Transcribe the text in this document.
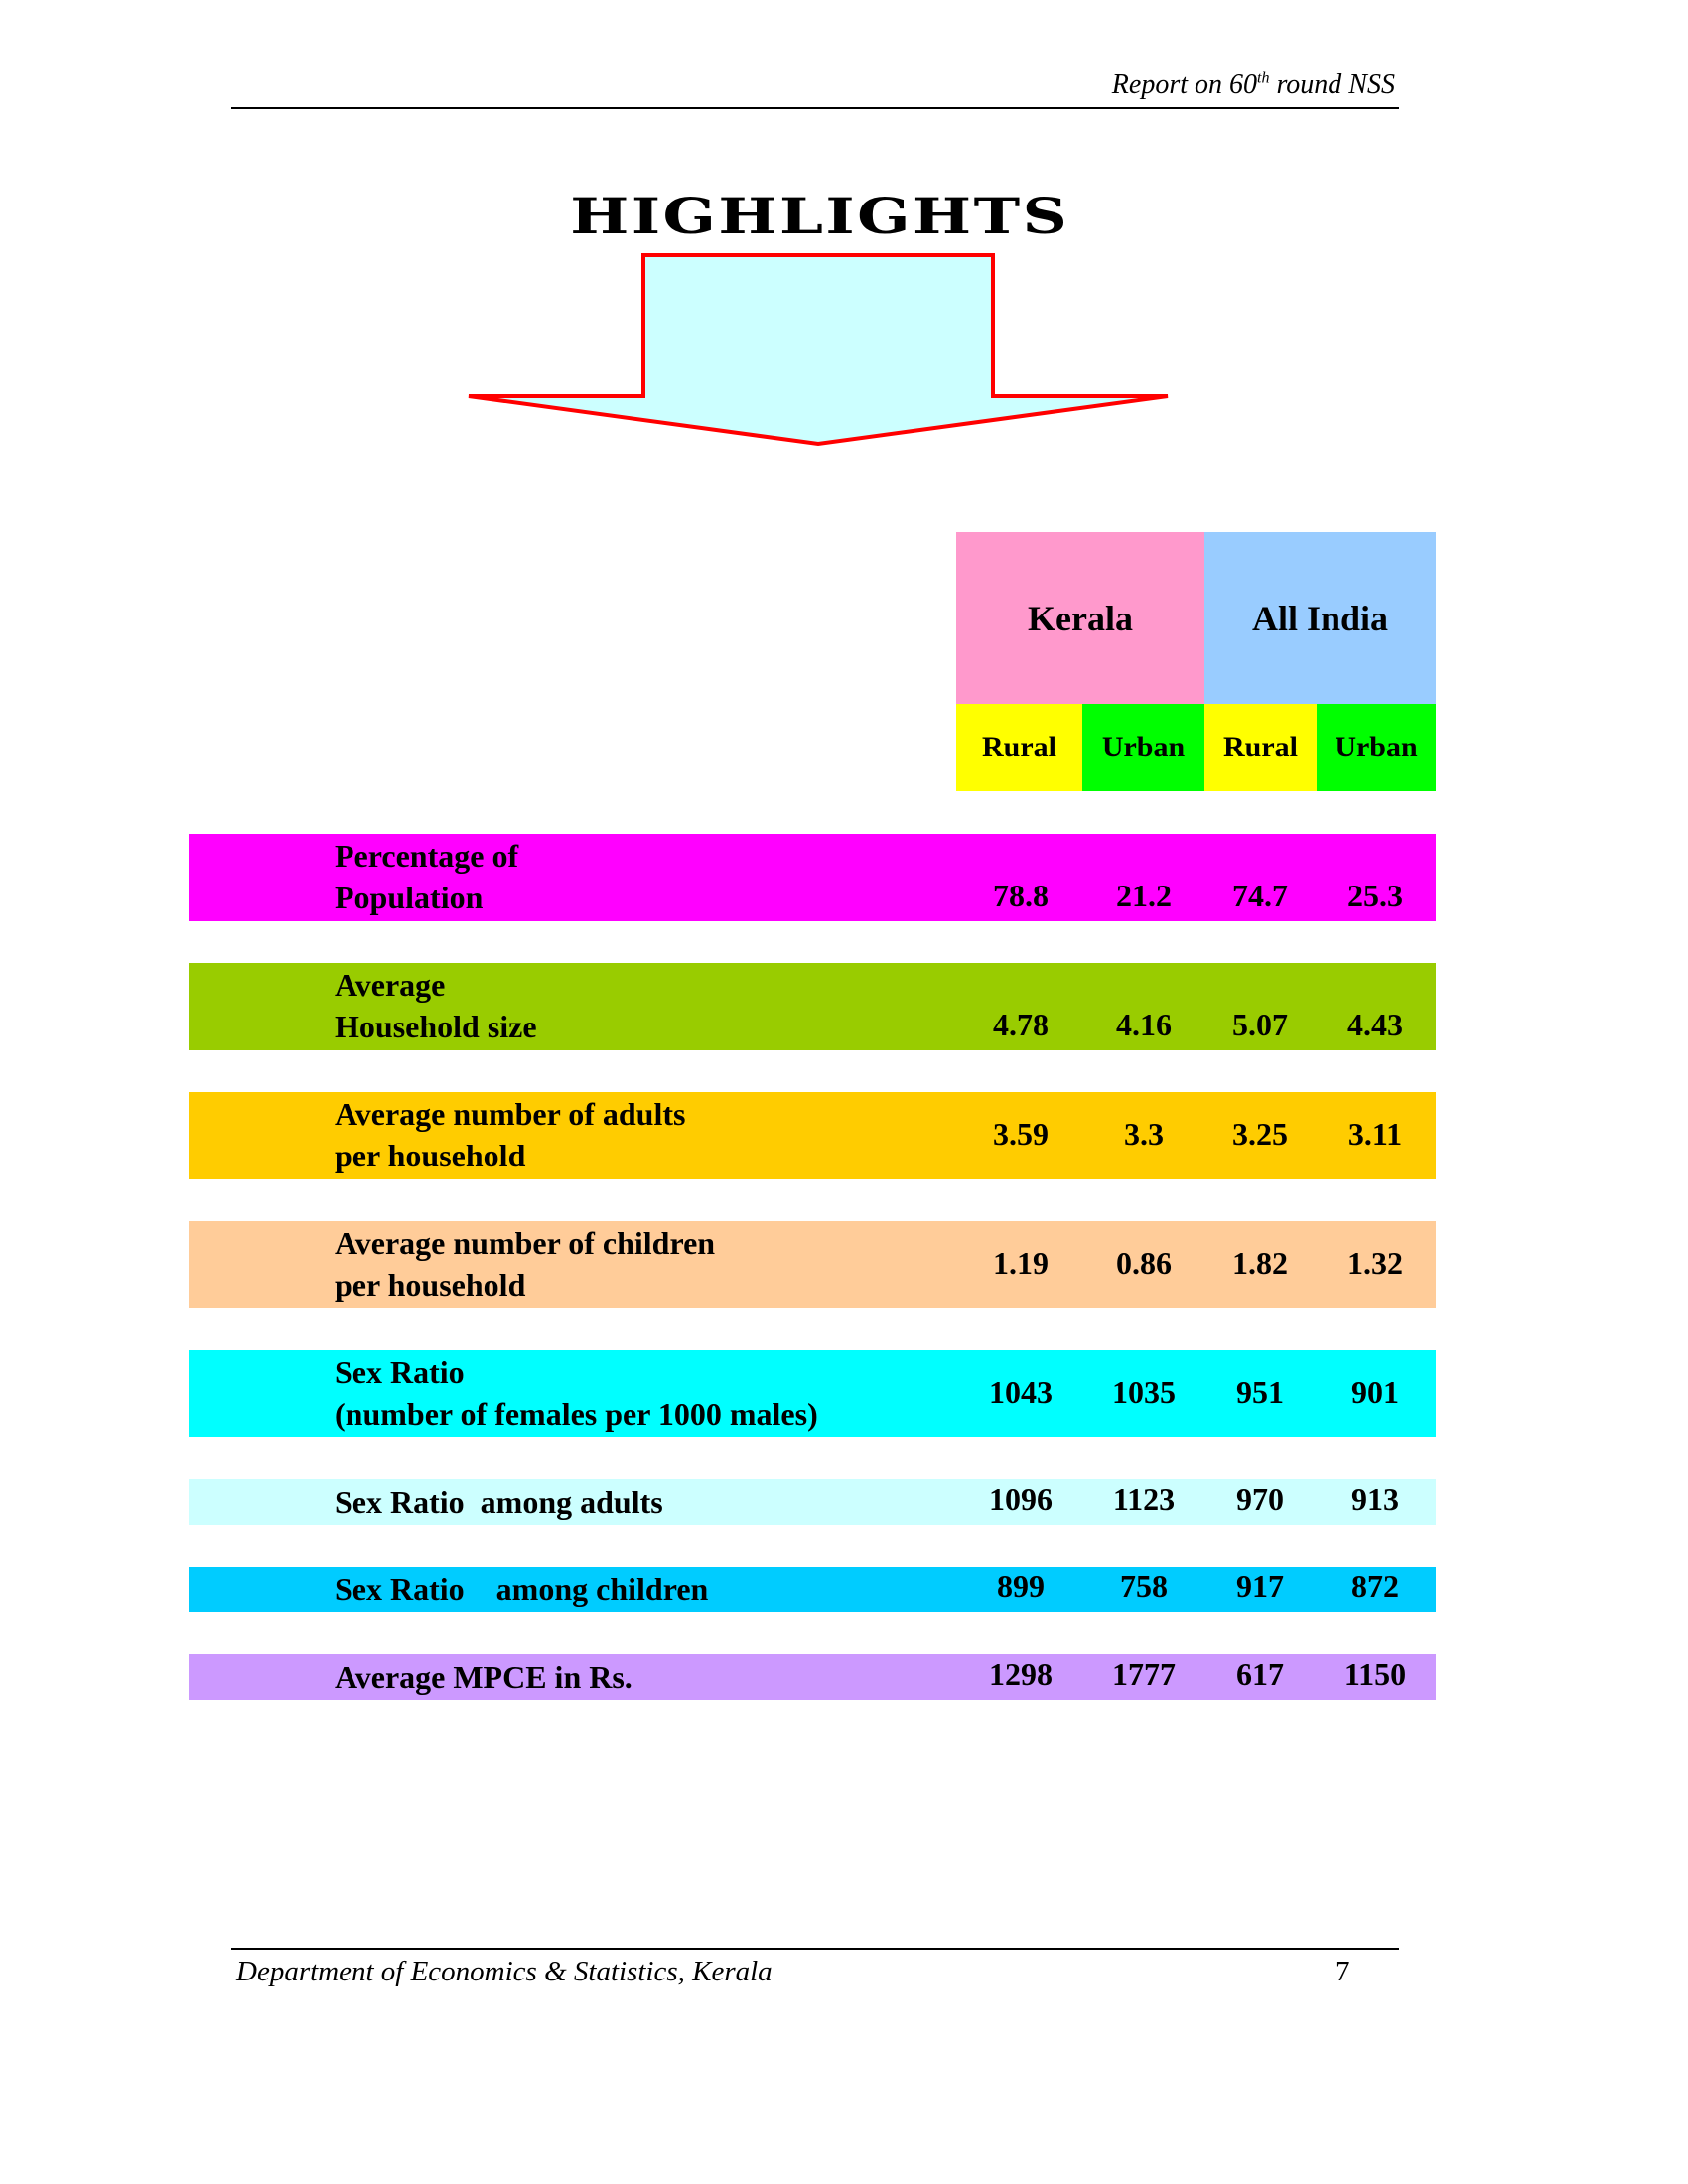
Report on 60th round NSS
HIGHLIGHTS
Kerala	All India
Rural	Urban	Rural	Urban
Percentage of
Population	78.8	21.2	74.7	25.3
Average
Household size	4.78	4.16	5.07	4.43
Average number of adults
per household
3.59	3.3	3.25	3.11
Average number of children
per household
1.19	0.86	1.82	1.32
Sex Ratio
(number of females per 1000 males)
1043	1035	951	901
Sex Ratio  among adults	1096	1123	970	913
Sex Ratio    among children	899	758	917	872
Average MPCE in Rs.	1298	1777	617	1150
Department of Economics & Statistics, Kerala	7
